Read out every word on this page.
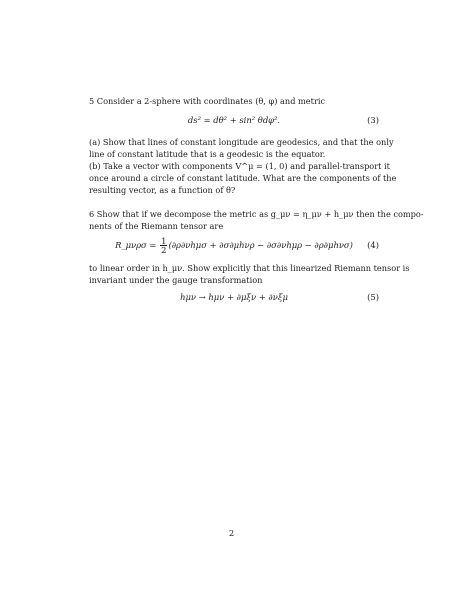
5 Consider a 2-sphere with coordinates (θ, φ) and metric
ds² = dθ² + sin² θdφ².	(3)
(a) Show that lines of constant longitude are geodesics, and that the only
line of constant latitude that is a geodesic is the equator.
(b) Take a vector with components V^μ = (1, 0) and parallel-transport it
once around a circle of constant latitude. What are the components of the
resulting vector, as a function of θ?
6 Show that if we decompose the metric as g_μν = η_μν + h_μν then the compo-
nents of the Riemann tensor are
R_μνρσ = $\frac{1}{2} (\partial\rho\partial\nu h\mu\sigma + \partial\sigma\partial\mu h\nu\rho - \partial\sigma\partial\nu h\mu\rho - \partial\rho\partial\mu h\nu\sigma)$	(4)
to linear order in h_μν. Show explicitly that this linearized Riemann tensor is
invariant under the gauge transformation
hμν → hμν + ∂μξν + ∂νξμ	(5)
2
